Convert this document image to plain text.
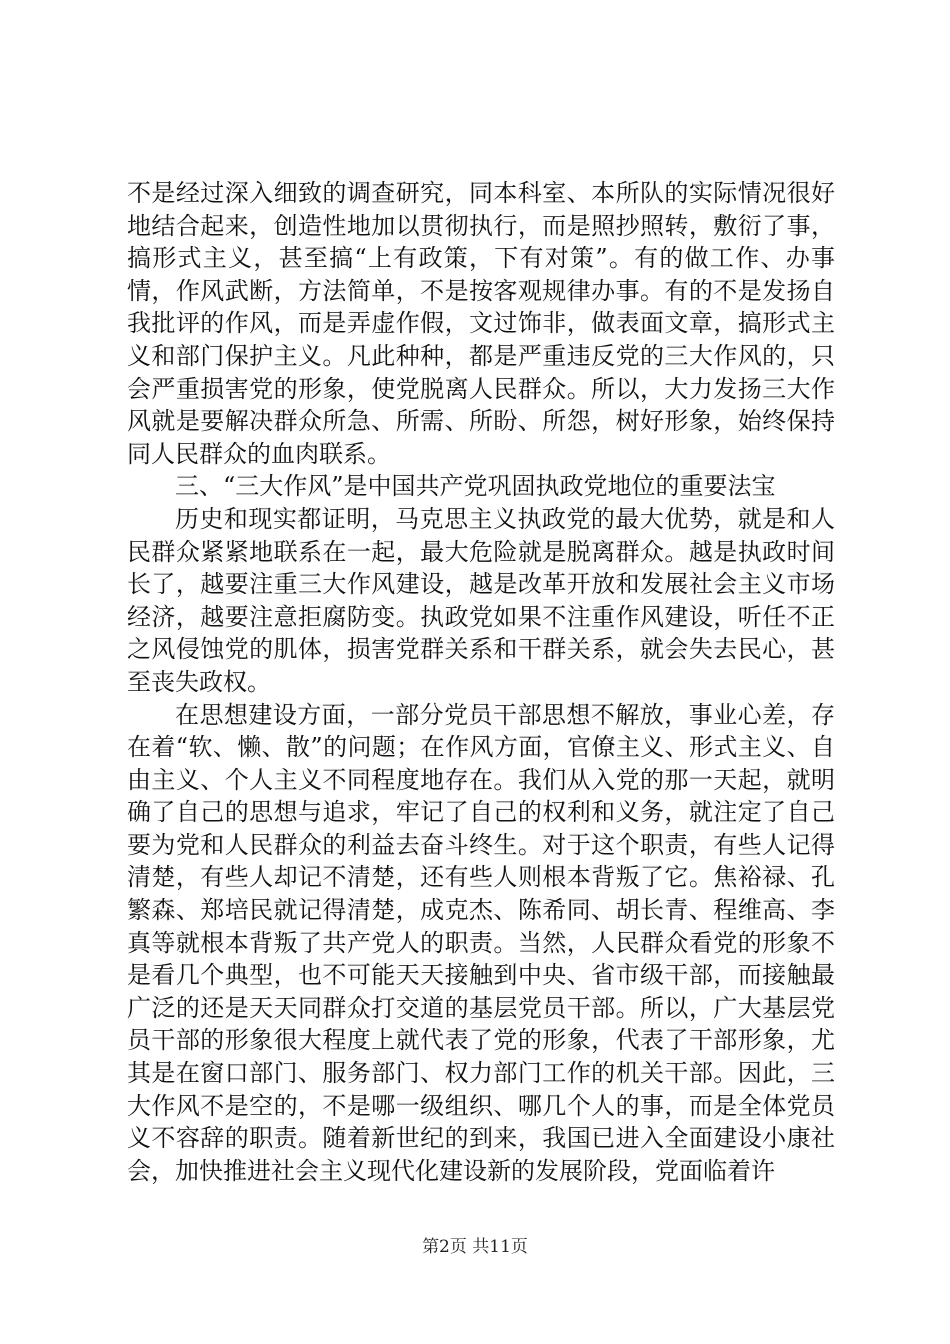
不是经过深入细致的调查研究，同本科室、本所队的实际情况很好地结合起来，创造性地加以贯彻执行，而是照抄照转，敷衍了事，搞形式主义，甚至搞“上有政策，下有对策”。有的做工作、办事情，作风武断，方法简单，不是按客观规律办事。有的不是发扬自我批评的作风，而是弄虚作假，文过饰非，做表面文章，搞形式主义和部门保护主义。凡此种种，都是严重违反党的三大作风的，只会严重损害党的形象，使党脱离人民群众。所以，大力发扬三大作风就是要解决群众所急、所需、所盼、所怨，树好形象，始终保持同人民群众的血肉联系。

三、“三大作风”是中国共产党巩固执政党地位的重要法宝

历史和现实都证明，马克思主义执政党的最大优势，就是和人民群众紧紧地联系在一起，最大危险就是脱离群众。越是执政时间长了，越要注重三大作风建设，越是改革开放和发展社会主义市场经济，越要注意拒腐防变。执政党如果不注重作风建设，听任不正之风侵蚀党的肌体，损害党群关系和干群关系，就会失去民心，甚至丧失政权。

在思想建设方面，一部分党员干部思想不解放，事业心差，存在着“软、懒、散”的问题；在作风方面，官僚主义、形式主义、自由主义、个人主义不同程度地存在。我们从入党的那一天起，就明确了自己的思想与追求，牢记了自己的权利和义务，就注定了自己要为党和人民群众的利益去奋斗终生。对于这个职责，有些人记得清楚，有些人却记不清楚，还有些人则根本背叛了它。焦裕禄、孔繁森、郑培民就记得清楚，成克杰、陈希同、胡长青、程维高、李真等就根本背叛了共产党人的职责。当然，人民群众看党的形象不是看几个典型，也不可能天天接触到中央、省市级干部，而接触最广泛的还是天天同群众打交道的基层党员干部。所以，广大基层党员干部的形象很大程度上就代表了党的形象，代表了干部形象，尤其是在窗口部门、服务部门、权力部门工作的机关干部。因此，三大作风不是空的，不是哪一级组织、哪几个人的事，而是全体党员义不容辞的职责。随着新世纪的到来，我国已进入全面建设小康社会，加快推进社会主义现代化建设新的发展阶段，党面临着许

第2页 共11页
